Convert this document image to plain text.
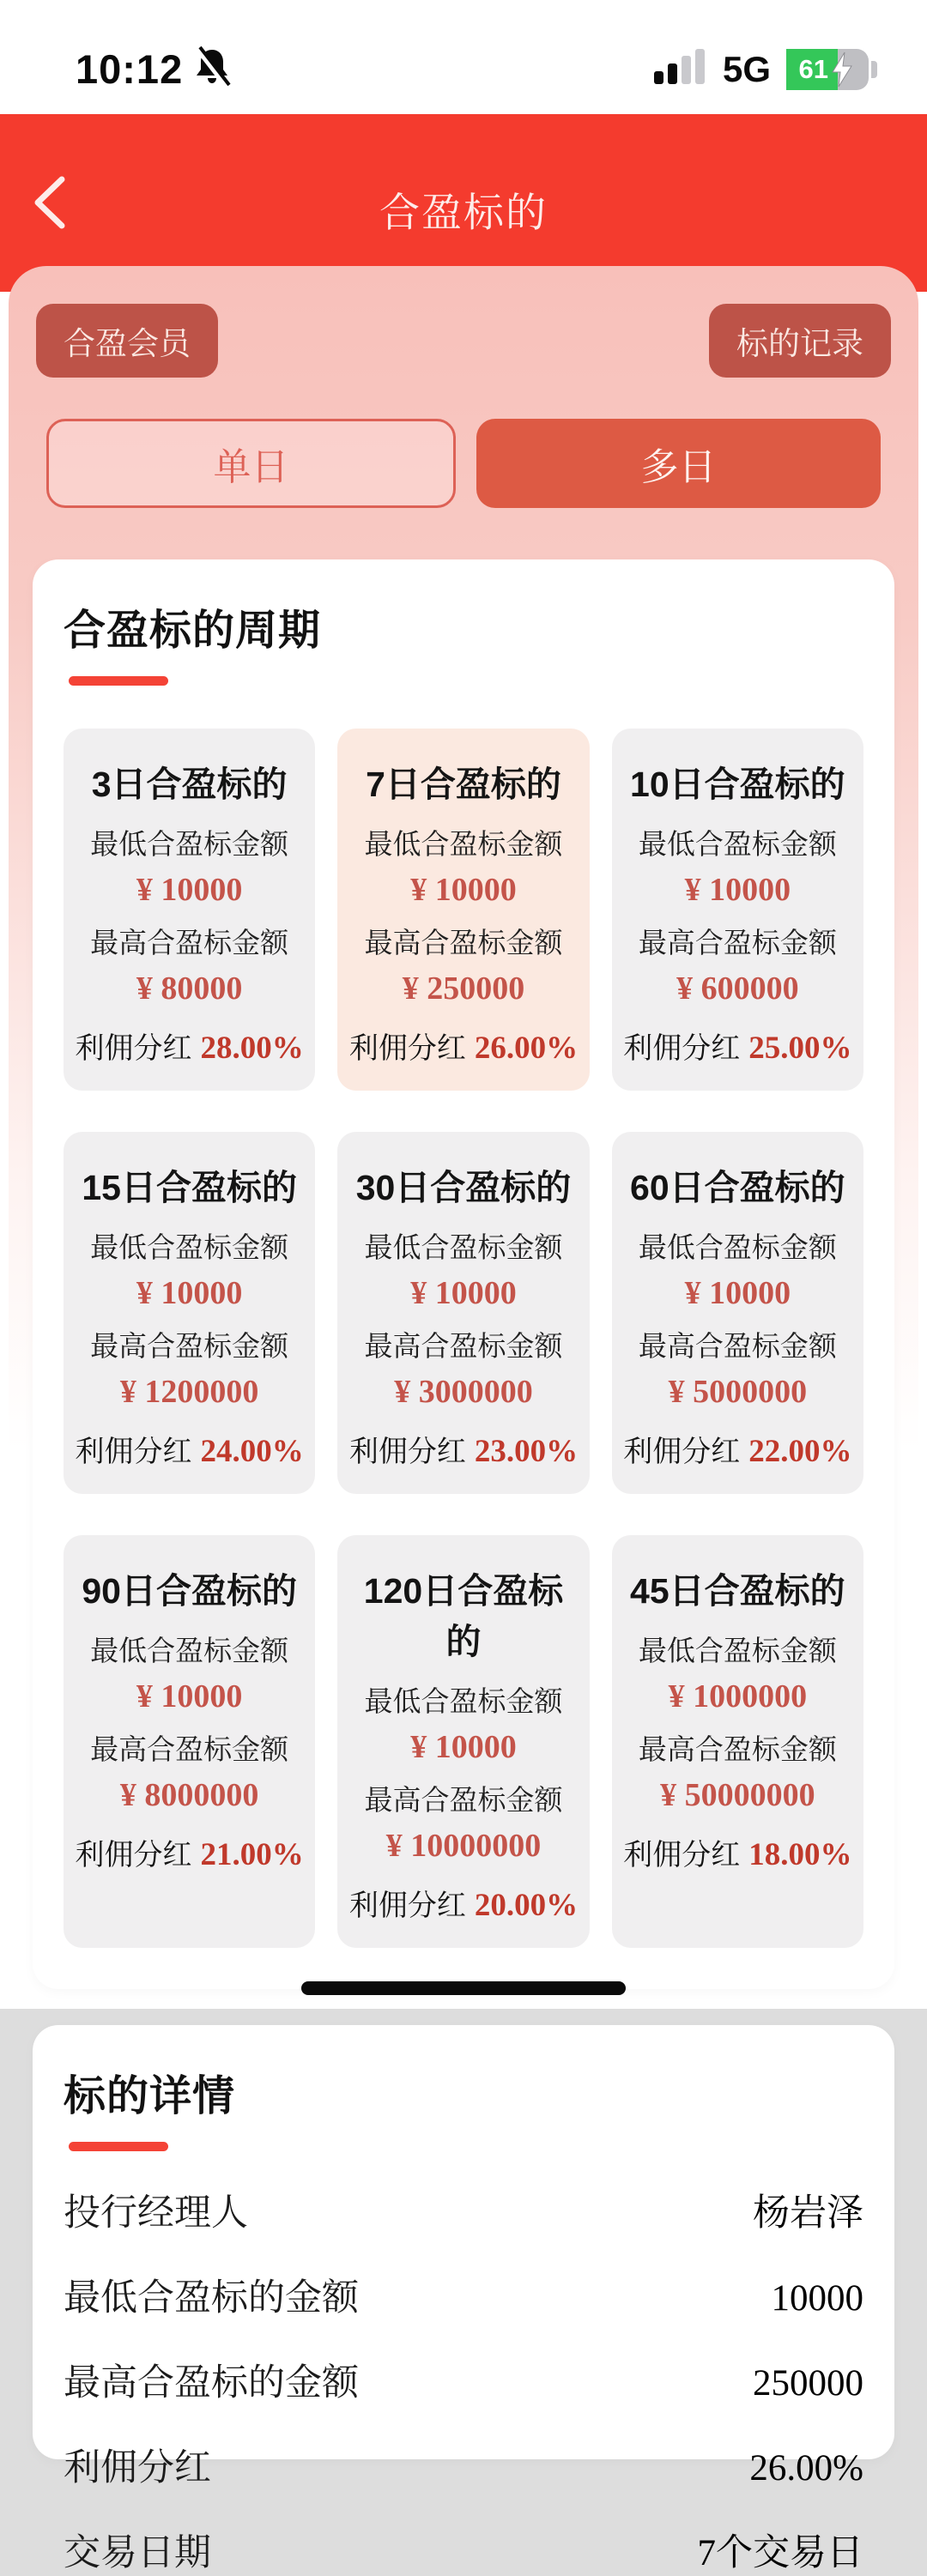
10:12	5G 61
合盈标的
合盈会员	标的记录
单日	多日
合盈标的周期
3日合盈标的
最低合盈标金额
¥ 10000
最高合盈标金额
¥ 80000
利佣分红 28.00%
7日合盈标的
最低合盈标金额
¥ 10000
最高合盈标金额
¥ 250000
利佣分红 26.00%
10日合盈标的
最低合盈标金额
¥ 10000
最高合盈标金额
¥ 600000
利佣分红 25.00%
15日合盈标的
最低合盈标金额
¥ 10000
最高合盈标金额
¥ 1200000
利佣分红 24.00%
30日合盈标的
最低合盈标金额
¥ 10000
最高合盈标金额
¥ 3000000
利佣分红 23.00%
60日合盈标的
最低合盈标金额
¥ 10000
最高合盈标金额
¥ 5000000
利佣分红 22.00%
90日合盈标的
最低合盈标金额
¥ 10000
最高合盈标金额
¥ 8000000
利佣分红 21.00%
120日合盈标的
最低合盈标金额
¥ 10000
最高合盈标金额
¥ 10000000
利佣分红 20.00%
45日合盈标的
最低合盈标金额
¥ 1000000
最高合盈标金额
¥ 50000000
利佣分红 18.00%
标的详情
投行经理人	杨岩泽
最低合盈标的金额	10000
最高合盈标的金额	250000
利佣分红	26.00%
交易日期	7个交易日
